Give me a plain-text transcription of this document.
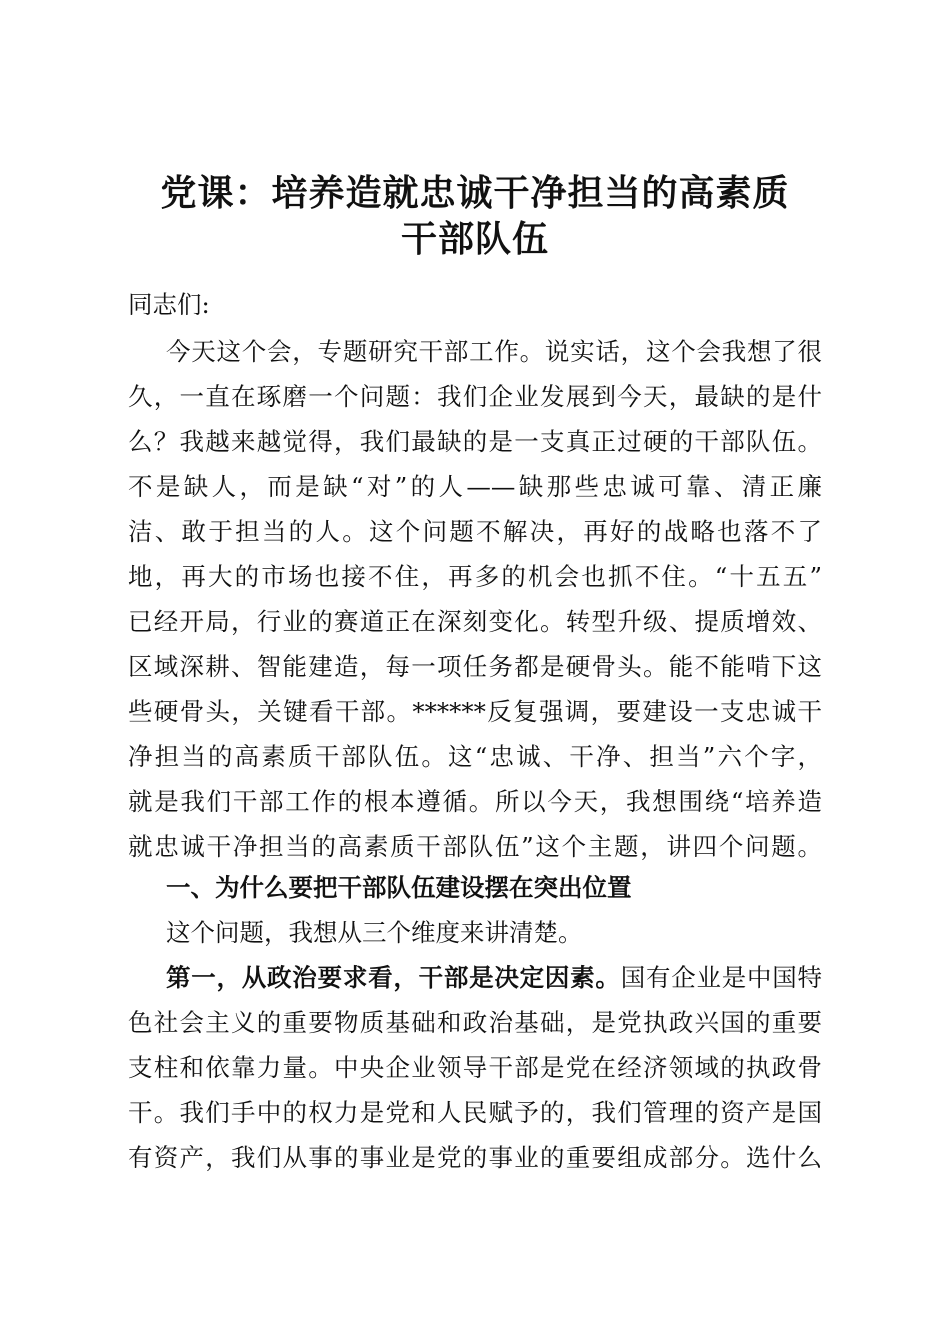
党课：培养造就忠诚干净担当的高素质
干部队伍
同志们:
今天这个会，专题研究干部工作。说实话，这个会我想了很
久，一直在琢磨一个问题：我们企业发展到今天，最缺的是什
么？我越来越觉得，我们最缺的是一支真正过硬的干部队伍。
不是缺人，而是缺“对”的人——缺那些忠诚可靠、清正廉
洁、敢于担当的人。这个问题不解决，再好的战略也落不了
地，再大的市场也接不住，再多的机会也抓不住。“十五五”
已经开局，行业的赛道正在深刻变化。转型升级、提质增效、
区域深耕、智能建造，每一项任务都是硬骨头。能不能啃下这
些硬骨头，关键看干部。******反复强调，要建设一支忠诚干
净担当的高素质干部队伍。这“忠诚、干净、担当”六个字，
就是我们干部工作的根本遵循。所以今天，我想围绕“培养造
就忠诚干净担当的高素质干部队伍”这个主题，讲四个问题。
一、为什么要把干部队伍建设摆在突出位置
这个问题，我想从三个维度来讲清楚。
第一，从政治要求看，干部是决定因素。国有企业是中国特
色社会主义的重要物质基础和政治基础，是党执政兴国的重要
支柱和依靠力量。中央企业领导干部是党在经济领域的执政骨
干。我们手中的权力是党和人民赋予的，我们管理的资产是国
有资产，我们从事的事业是党的事业的重要组成部分。选什么
